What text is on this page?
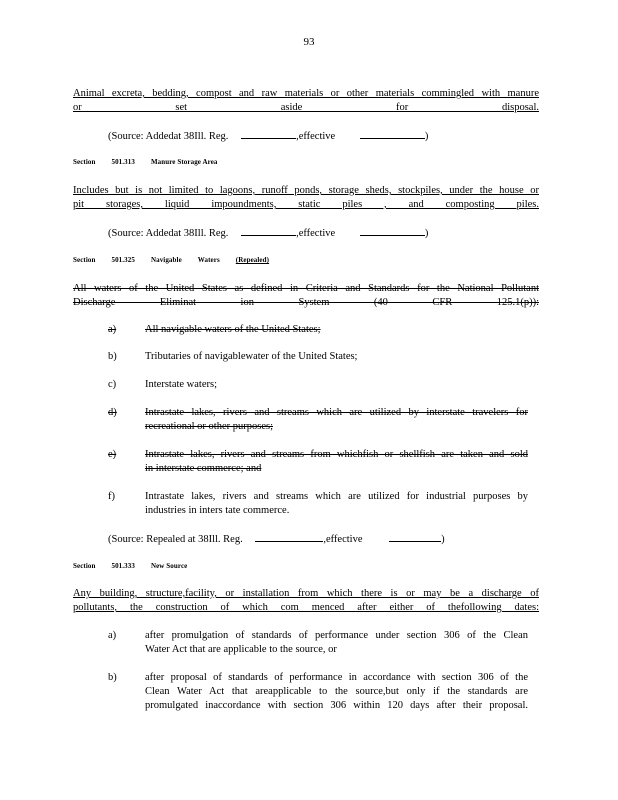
93
Animal excreta, bedding, compost and raw materials or other materials commingled with manure
or set aside for disposal.
(Source: Addedat 38Ill. Reg.	,effective	)
Section 501.313 Manure Storage Area
Includes but is not limited to lagoons, runoff ponds, storage sheds, stockpiles, under the house or
pit storages, liquid impoundments, static piles , and composting piles.
(Source: Addedat 38Ill. Reg.	,effective	)
Section 501.325 Navigable Waters (Repealed)
All waters of the United States as defined in Criteria and Standards for the National Pollutant
Discharge Eliminat ion System (40 CFR 125.1(p)):
a)	All navigable waters of the United States;
b)	Tributaries of navigablewater of the United States;
c)	Interstate waters;
d)	Intrastate lakes, rivers and streams which are utilized by interstate travelers for
recreational or other purposes;
e)	Intrastate lakes, rivers and streams from whichfish or shellfish are taken and sold
in interstate commerce; and
f)	Intrastate lakes, rivers and streams which are utilized for industrial purposes by
industries in inters tate commerce.
(Source: Repealed at 38Ill. Reg.	,effective	)
Section 501.333 New Source
Any building, structure,facility, or installation from which there is or may be a discharge of
pollutants, the construction of which com menced after either of thefollowing dates:
a)	after promulgation of standards of performance under section 306 of the Clean
Water Act that are applicable to the source, or
b)	after proposal of standards of performance in accordance with section 306 of the
Clean Water Act that areapplicable to the source,but only if the standards are
promulgated inaccordance with section 306 within 120 days after their proposal.
